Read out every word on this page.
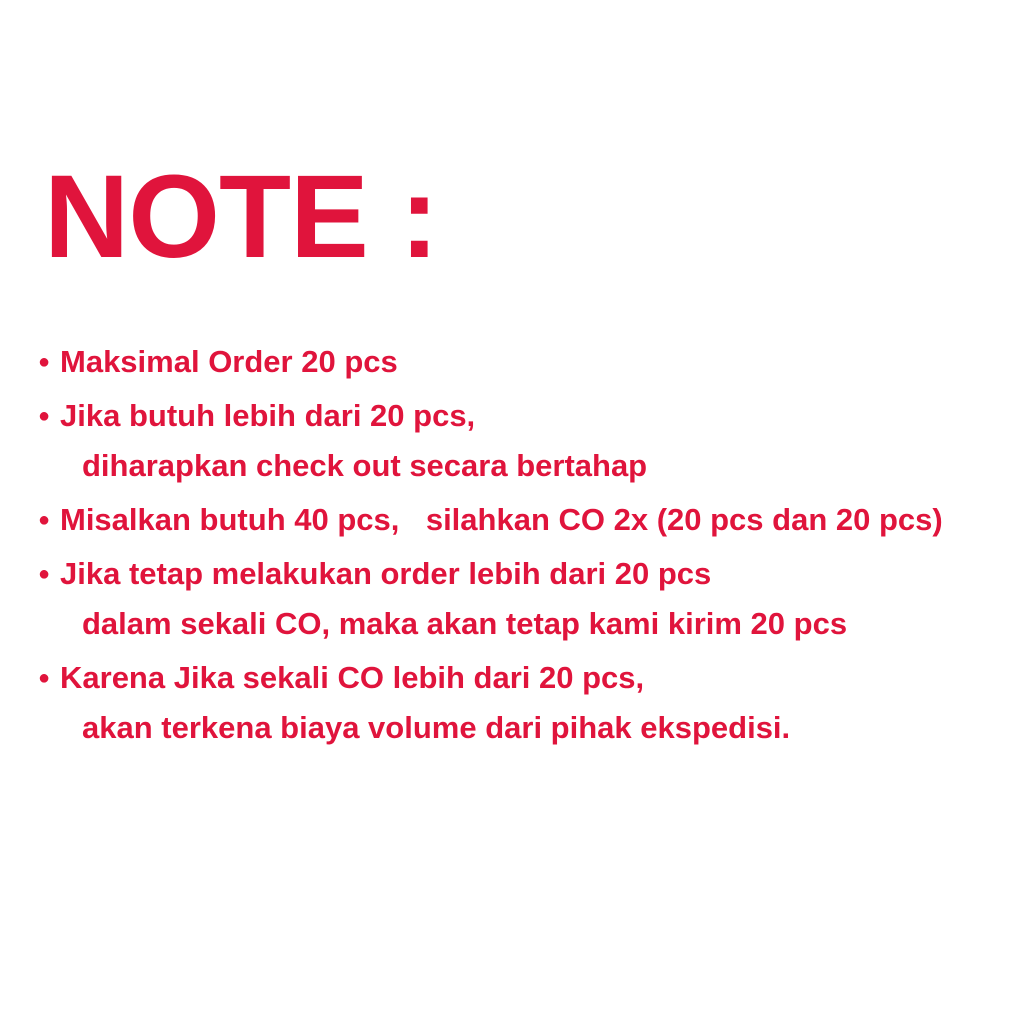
NOTE :
● Maksimal Order 20 pcs
● Jika butuh lebih dari 20 pcs, diharapkan check out secara bertahap
● Misalkan butuh 40 pcs, silahkan CO 2x (20 pcs dan 20 pcs)
● Jika tetap melakukan order lebih dari 20 pcs dalam sekali CO, maka akan tetap kami kirim 20 pcs
● Karena Jika sekali CO lebih dari 20 pcs, akan terkena biaya volume dari pihak ekspedisi.
